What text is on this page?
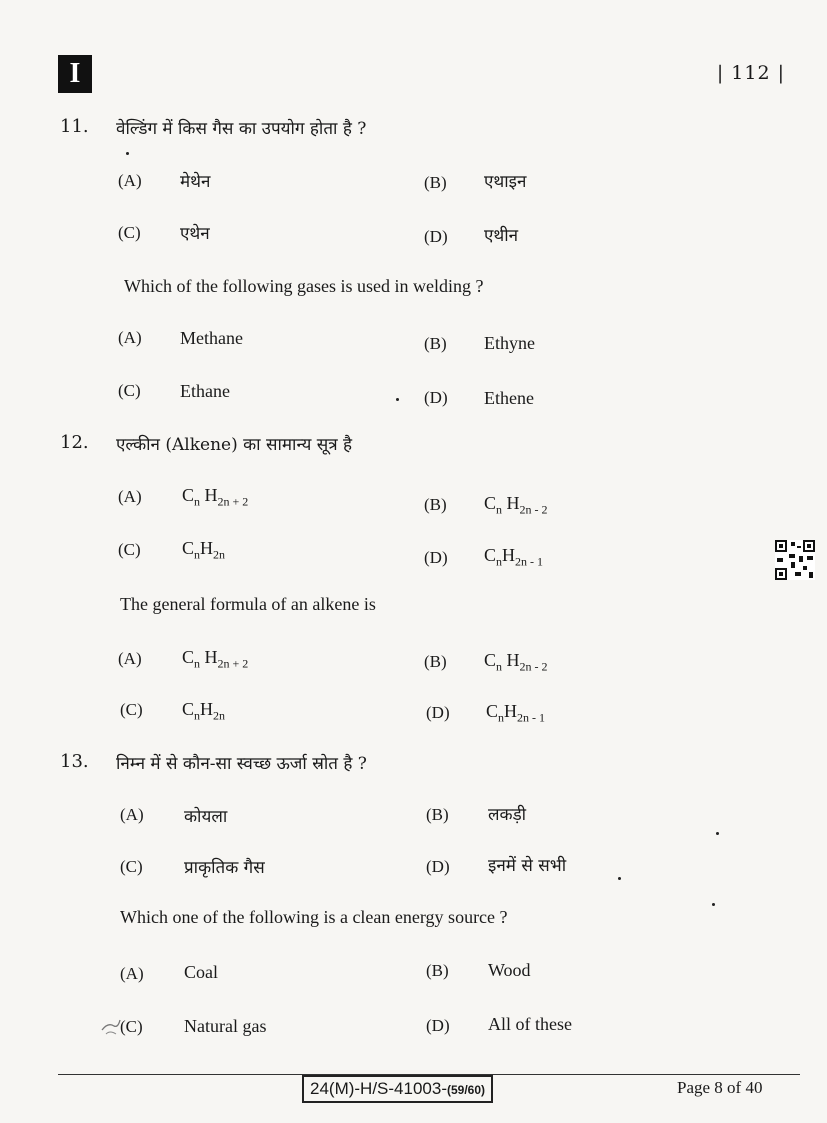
I	| 112 |
11. वेल्डिंग में किस गैस का उपयोग होता है ?
(A) मेथेन	(B) एथाइन
(C) एथेन	(D) एथीन
Which of the following gases is used in welding ?
(A) Methane	(B) Ethyne
(C) Ethane	(D) Ethene
12. एल्कीन (Alkene) का सामान्य सूत्र है
(A) $C_n$ $H_{2n + 2}$	(B) $C_n$ $H_{2n - 2}$
(C) $C_nH_{2n}$	(D) $C_nH_{2n - 1}$
The general formula of an alkene is
(A) $C_n$ $H_{2n + 2}$	(B) $C_n$ $H_{2n - 2}$
(C) $C_nH_{2n}$	(D) $C_nH_{2n - 1}$
13. निम्न में से कौन-सा स्वच्छ ऊर्जा स्रोत है ?
(A) कोयला	(B) लकड़ी
(C) प्राकृतिक गैस	(D) इनमें से सभी
Which one of the following is a clean energy source ?
(A) Coal	(B) Wood
(C) Natural gas	(D) All of these
24(M)-H/S-41003-(59/60)	Page 8 of 40
